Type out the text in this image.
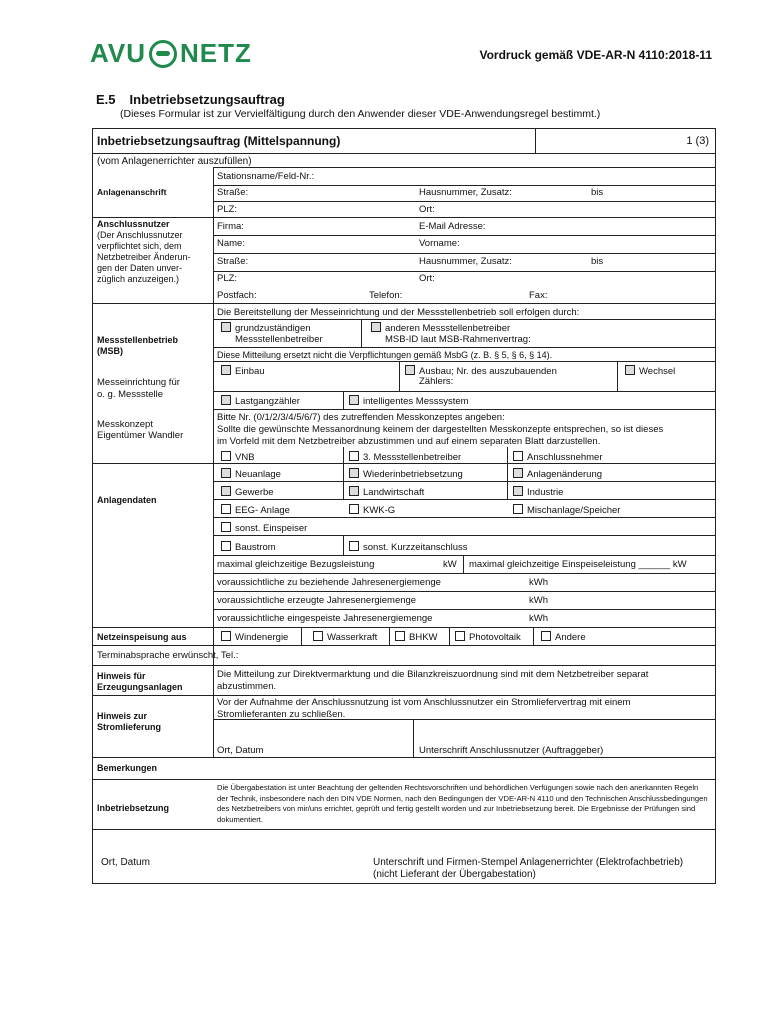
AVU NETZ	Vordruck gemäß VDE-AR-N 4110:2018-11
E.5 Inbetriebsetzungsauftrag
(Dieses Formular ist zur Vervielfältigung durch den Anwender dieser VDE-Anwendungsregel bestimmt.)
Inbetriebsetzungsauftrag (Mittelspannung)	1 (3)
(vom Anlagenerrichter auszufüllen)
Anlagenanschrift
Stationsname/Feld-Nr.:
Straße:	Hausnummer, Zusatz:	bis
PLZ:	Ort:
Anschlussnutzer
(Der Anschlussnutzer
verpflichtet sich, dem
Netzbetreiber Änderun-
gen der Daten unver-
züglich anzuzeigen.)
Firma:	E-Mail Adresse:
Name:	Vorname:
Straße:	Hausnummer, Zusatz:	bis
PLZ:	Ort:
Postfach:	Telefon:	Fax:
Messstellenbetrieb
(MSB)
Die Bereitstellung der Messeinrichtung und der Messstellenbetrieb soll erfolgen durch:
grundzuständigen
Messstellenbetreiber
anderen Messstellenbetreiber
MSB-ID laut MSB-Rahmenvertrag:
Diese Mitteilung ersetzt nicht die Verpflichtungen gemäß MsbG (z. B. § 5, § 6, § 14).
Messeinrichtung für
o. g. Messstelle
Einbau	Ausbau; Nr. des auszubauenden
Zählers:
Wechsel
Lastgangzähler	intelligentes Messsystem
Messkonzept
Eigentümer Wandler
Bitte Nr. (0/1/2/3/4/5/6/7) des zutreffenden Messkonzeptes angeben:
Sollte die gewünschte Messanordnung keinem der dargestellten Messkonzepte entsprechen, so ist dieses
im Vorfeld mit dem Netzbetreiber abzustimmen und auf einem separaten Blatt darzustellen.
VNB	3. Messstellenbetreiber	Anschlussnehmer
Anlagendaten
Neuanlage	Wiederinbetriebsetzung	Anlagenänderung
Gewerbe	Landwirtschaft	Industrie
EEG- Anlage	KWK-G	Mischanlage/Speicher
sonst. Einspeiser
Baustrom	sonst. Kurzzeitanschluss
maximal gleichzeitige Bezugsleistung	kW maximal gleichzeitige Einspeiseleistung ______ kW
voraussichtliche zu beziehende Jahresenergiemenge	kWh
voraussichtliche erzeugte Jahresenergiemenge	kWh
voraussichtliche eingespeiste Jahresenergiemenge	kWh
Netzeinspeisung aus	Windenergie	Wasserkraft	BHKW	Photovoltaik	Andere
Terminabsprache erwünscht, Tel.:
Hinweis für
Erzeugungsanlagen
Die Mitteilung zur Direktvermarktung und die Bilanzkreiszuordnung sind mit dem Netzbetreiber separat
abzustimmen.
Hinweis zur
Stromlieferung
Vor der Aufnahme der Anschlussnutzung ist vom Anschlussnutzer ein Stromliefervertrag mit einem
Stromlieferanten zu schließen.
Ort, Datum	Unterschrift Anschlussnutzer (Auftraggeber)
Bemerkungen
Inbetriebsetzung
Die Übergabestation ist unter Beachtung der geltenden Rechtsvorschriften und behördlichen Verfügungen sowie nach den anerkannten Regeln der Technik, insbesondere nach den DIN VDE Normen, nach den Bedingungen der VDE-AR-N 4110 und den Technischen Anschlussbedingungen des Netzbetreibers von mir/uns errichtet, geprüft und fertig gestellt worden und zur Inbetriebsetzung bereit. Die Ergebnisse der Prüfungen sind dokumentiert.
Ort, Datum	Unterschrift und Firmen-Stempel Anlagenerrichter (Elektrofachbetrieb)
(nicht Lieferant der Übergabestation)
